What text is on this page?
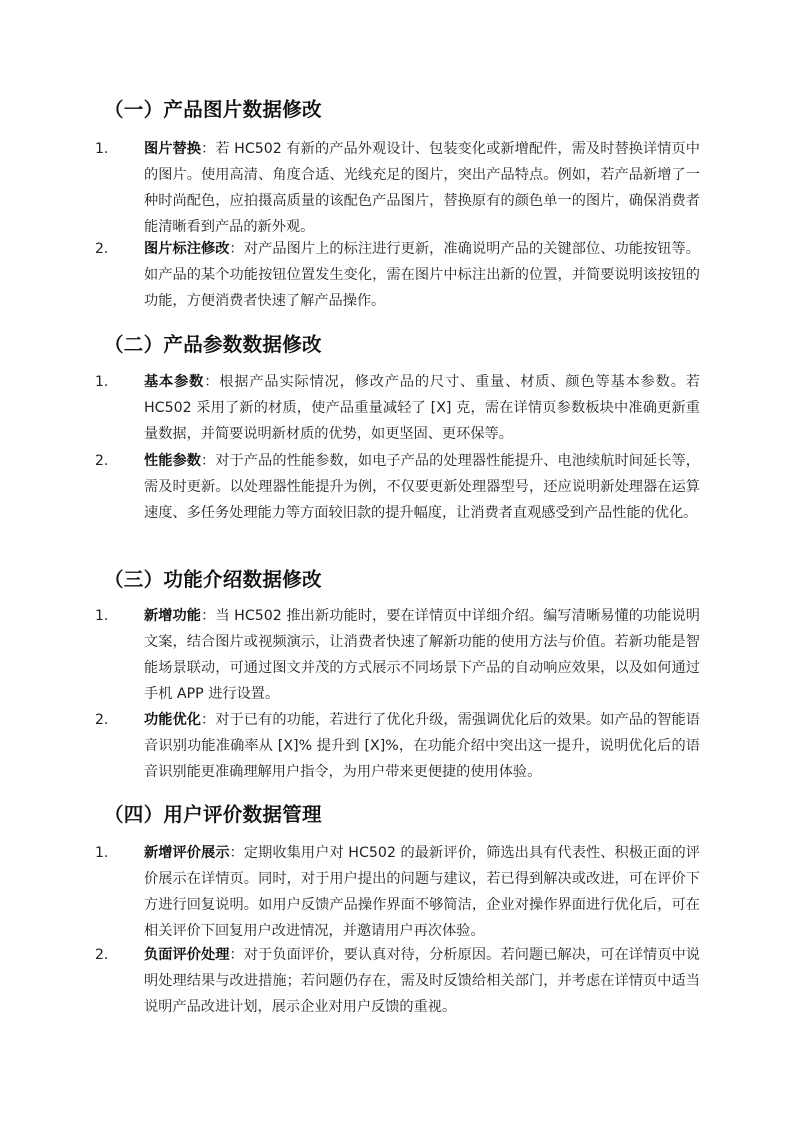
（一）产品图片数据修改
1.	图片替换：若 HC502 有新的产品外观设计、包装变化或新增配件，需及时替换详情页中的图片。使用高清、角度合适、光线充足的图片，突出产品特点。例如，若产品新增了一种时尚配色，应拍摄高质量的该配色产品图片，替换原有的颜色单一的图片，确保消费者能清晰看到产品的新外观。
2.	图片标注修改：对产品图片上的标注进行更新，准确说明产品的关键部位、功能按钮等。如产品的某个功能按钮位置发生变化，需在图片中标注出新的位置，并简要说明该按钮的功能，方便消费者快速了解产品操作。
（二）产品参数数据修改
1.	基本参数：根据产品实际情况，修改产品的尺寸、重量、材质、颜色等基本参数。若 HC502 采用了新的材质，使产品重量减轻了 [X] 克，需在详情页参数板块中准确更新重量数据，并简要说明新材质的优势，如更坚固、更环保等。
2.	性能参数：对于产品的性能参数，如电子产品的处理器性能提升、电池续航时间延长等，需及时更新。以处理器性能提升为例，不仅要更新处理器型号，还应说明新处理器在运算速度、多任务处理能力等方面较旧款的提升幅度，让消费者直观感受到产品性能的优化。
（三）功能介绍数据修改
1.	新增功能：当 HC502 推出新功能时，要在详情页中详细介绍。编写清晰易懂的功能说明文案，结合图片或视频演示，让消费者快速了解新功能的使用方法与价值。若新功能是智能场景联动，可通过图文并茂的方式展示不同场景下产品的自动响应效果，以及如何通过手机 APP 进行设置。
2.	功能优化：对于已有的功能，若进行了优化升级，需强调优化后的效果。如产品的智能语音识别功能准确率从 [X]% 提升到 [X]%，在功能介绍中突出这一提升，说明优化后的语音识别能更准确理解用户指令，为用户带来更便捷的使用体验。
（四）用户评价数据管理
1.	新增评价展示：定期收集用户对 HC502 的最新评价，筛选出具有代表性、积极正面的评价展示在详情页。同时，对于用户提出的问题与建议，若已得到解决或改进，可在评价下方进行回复说明。如用户反馈产品操作界面不够简洁，企业对操作界面进行优化后，可在相关评价下回复用户改进情况，并邀请用户再次体验。
2.	负面评价处理：对于负面评价，要认真对待，分析原因。若问题已解决，可在详情页中说明处理结果与改进措施；若问题仍存在，需及时反馈给相关部门，并考虑在详情页中适当说明产品改进计划，展示企业对用户反馈的重视。
